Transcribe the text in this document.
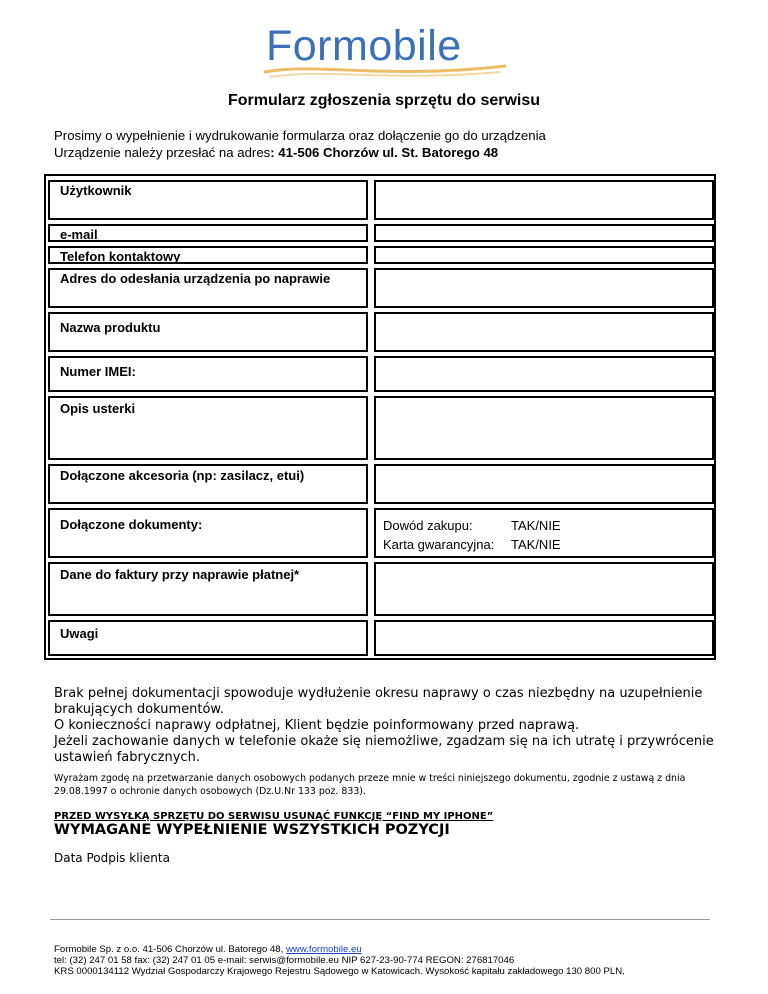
Formobile
Formularz zgłoszenia sprzętu do serwisu
Prosimy o wypełnienie i wydrukowanie formularza oraz dołączenie go do urządzenia
Urządzenie należy przesłać na adres: 41-506 Chorzów ul. St. Batorego 48
Użytkownik
e-mail
Telefon kontaktowy
Adres do odesłania urządzenia po naprawie
Nazwa produktu
Numer IMEI:
Opis usterki
Dołączone akcesoria (np: zasilacz, etui)
Dołączone dokumenty:	Dowód zakupu:	TAK/NIE
Karta gwarancyjna: TAK/NIE
Dane do faktury przy naprawie płatnej*
Uwagi

Brak pełnej dokumentacji spowoduje wydłużenie okresu naprawy o czas niezbędny na uzupełnienie brakujących dokumentów.

O konieczności naprawy odpłatnej, Klient będzie poinformowany przed naprawą.

Jeżeli zachowanie danych w telefonie okaże się niemożliwe, zgadzam się na ich utratę i przywrócenie ustawień fabrycznych.

Wyrażam zgodę na przetwarzanie danych osobowych podanych przeze mnie w treści niniejszego dokumentu, zgodnie z ustawą z dnia 29.08.1997 o ochronie danych osobowych (Dz.U.Nr 133 poz. 833).
PRZED WYSYŁKĄ SPRZĘTU DO SERWISU USUNĄĆ FUNKCJĘ “FIND MY IPHONE”
WYMAGANE WYPEŁNIENIE WSZYSTKICH POZYCJI
Data Podpis klienta
Formobile Sp. z o.o. 41-506 Chorzów ul. Batorego 48, www.formobile.eu
tel: (32) 247 01 58 fax: (32) 247 01 05 e-mail: serwis@formobile.eu NIP 627-23-90-774 REGON: 276817046
KRS 0000134112 Wydział Gospodarczy Krajowego Rejestru Sądowego w Katowicach. Wysokość kapitału zakładowego 130 800 PLN.
